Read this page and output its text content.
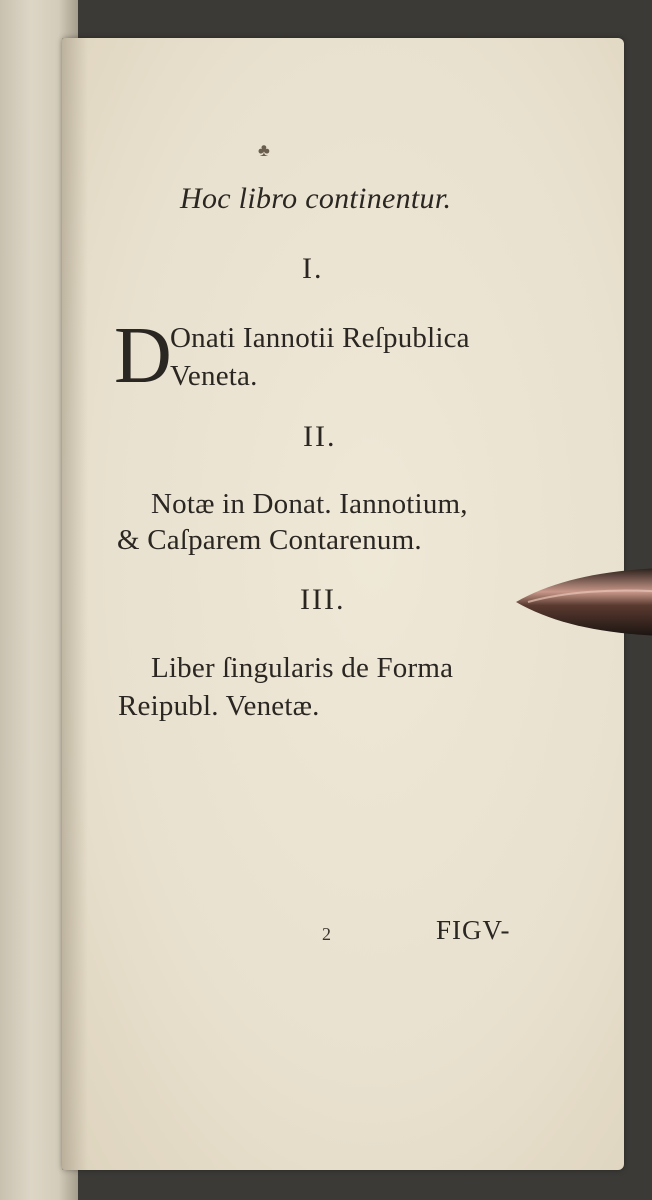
♣
Hoc libro continentur.
I.
D
Onati Iannotii Reſpublica
Veneta.
II.
Notæ in Donat. Iannotium,
& Caſparem Contarenum.
III.
Liber ſingularis de Forma
Reipubl. Venetæ.
2	FIGV-
